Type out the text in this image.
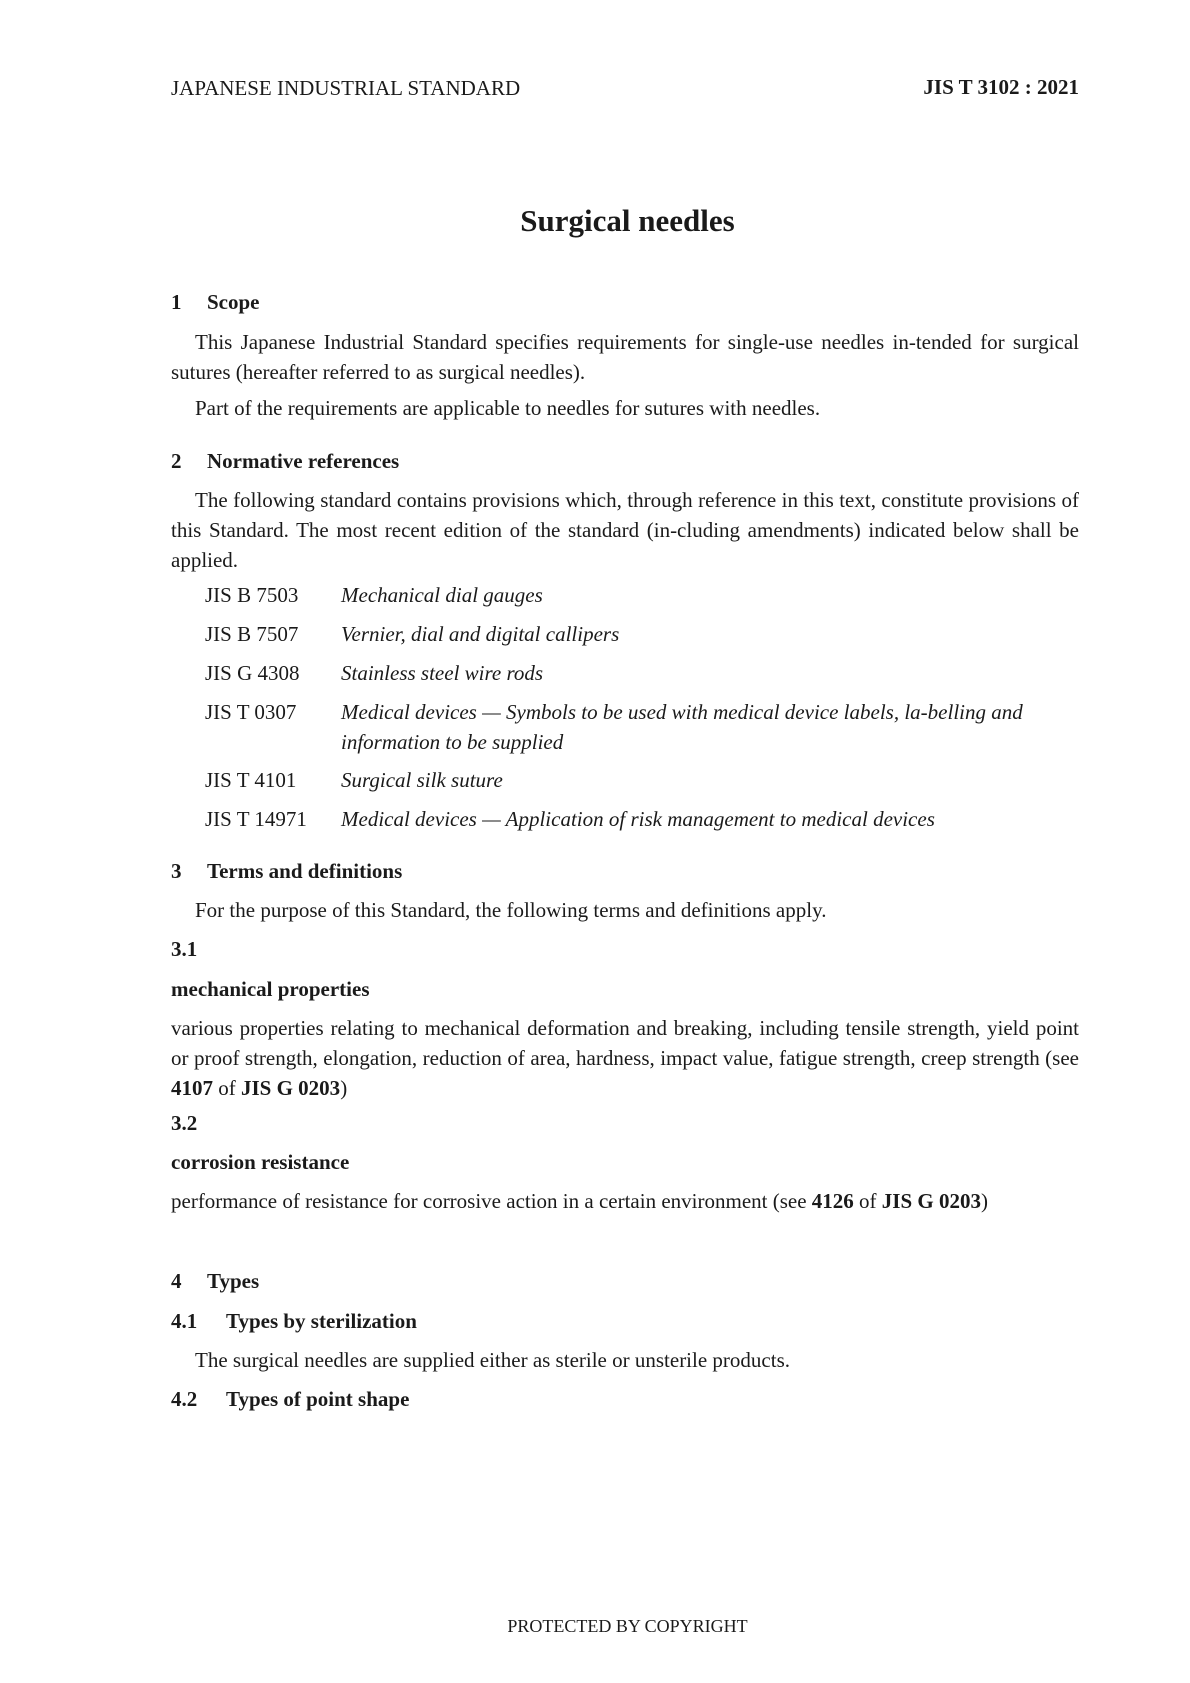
JAPANESE INDUSTRIAL STANDARD	JIS T 3102 : 2021
Surgical needles
1 Scope
This Japanese Industrial Standard specifies requirements for single-use needles in-tended for surgical sutures (hereafter referred to as surgical needles).
Part of the requirements are applicable to needles for sutures with needles.
2 Normative references
The following standard contains provisions which, through reference in this text, constitute provisions of this Standard. The most recent edition of the standard (in-cluding amendments) indicated below shall be applied.
JIS B 7503 Mechanical dial gauges
JIS B 7507 Vernier, dial and digital callipers
JIS G 4308 Stainless steel wire rods
JIS T 0307 Medical devices — Symbols to be used with medical device labels, la-belling and information to be supplied
JIS T 4101 Surgical silk suture
JIS T 14971 Medical devices — Application of risk management to medical devices
3 Terms and definitions
For the purpose of this Standard, the following terms and definitions apply.
3.1
mechanical properties
various properties relating to mechanical deformation and breaking, including tensile strength, yield point or proof strength, elongation, reduction of area, hardness, impact value, fatigue strength, creep strength (see 4107 of JIS G 0203)
3.2
corrosion resistance
performance of resistance for corrosive action in a certain environment (see 4126 of JIS G 0203)
4 Types
4.1 Types by sterilization
The surgical needles are supplied either as sterile or unsterile products.
4.2 Types of point shape
PROTECTED BY COPYRIGHT
